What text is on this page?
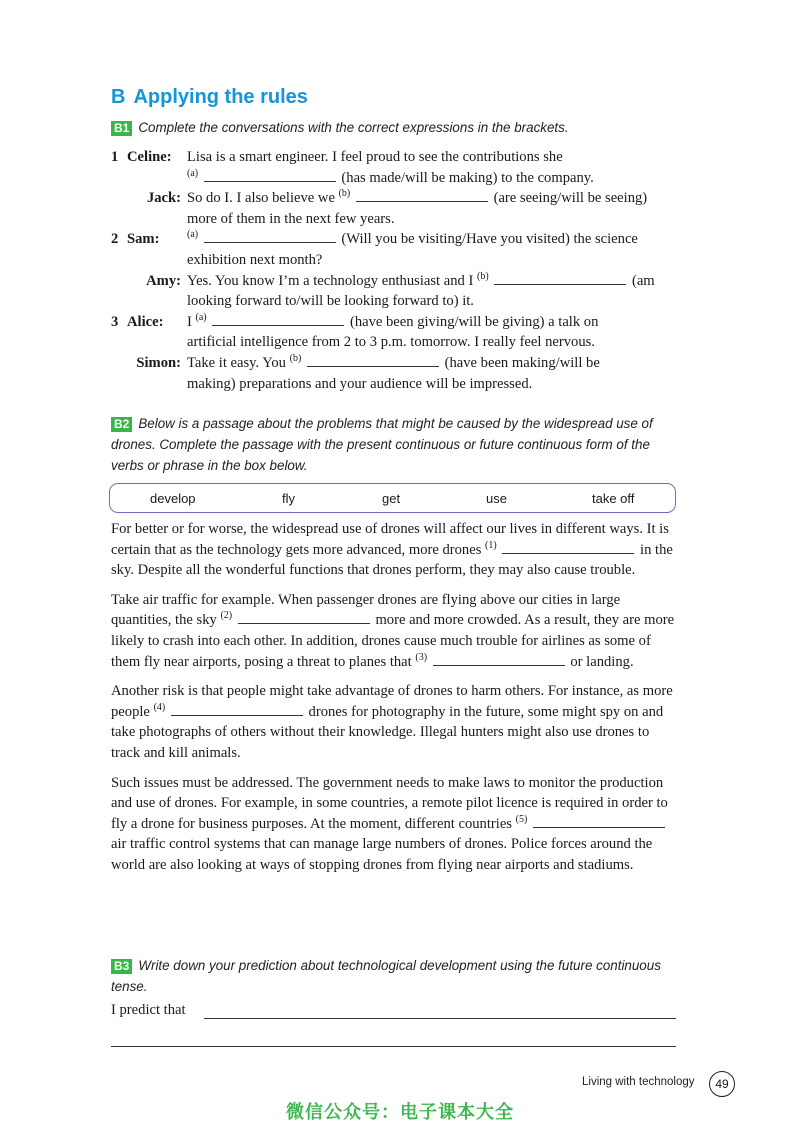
B Applying the rules
B1 Complete the conversations with the correct expressions in the brackets.
1 Celine: Lisa is a smart engineer. I feel proud to see the contributions she
$^{(a)}$	(has made/will be making) to the company.
Jack: So do I. I also believe we $^{(b)}$	(are seeing/will be seeing)
more of them in the next few years.
2 Sam:	$^{(a)}$	(Will you be visiting/Have you visited) the science
exhibition next month?
Amy: Yes. You know I’m a technology enthusiast and I $^{(b)}$	(am
looking forward to/will be looking forward to) it.
3 Alice: I $^{(a)}$	(have been giving/will be giving) a talk on
artificial intelligence from 2 to 3 p.m. tomorrow. I really feel nervous.
Simon: Take it easy. You $^{(b)}$	(have been making/will be
making) preparations and your audience will be impressed.
B2 Below is a passage about the problems that might be caused by the widespread use of drones. Complete the passage with the present continuous or future continuous form of the verbs or phrase in the box below.
develop	fly	get	use	take off

For better or for worse, the widespread use of drones will affect our lives in different ways. It is certain that as the technology gets more advanced, more drones $^{(1)}$	in the sky. Despite all the wonderful functions that drones perform, they may also cause trouble.

Take air traffic for example. When passenger drones are flying above our cities in large quantities, the sky $^{(2)}$	more and more crowded. As a result, they are more likely to crash into each other. In addition, drones cause much trouble for airlines as some of them fly near airports, posing a threat to planes that $^{(3)}$	or landing.

Another risk is that people might take advantage of drones to harm others. For instance, as more people $^{(4)}$	drones for photography in the future, some might spy on and take photographs of others without their knowledge. Illegal hunters might also use drones to track and kill animals.

Such issues must be addressed. The government needs to make laws to monitor the production and use of drones. For example, in some countries, a remote pilot licence is required in order to fly a drone for business purposes. At the moment, different countries $^{(5)}$  air traffic control systems that can manage large numbers of drones. Police forces around the world are also looking at ways of stopping drones from flying near airports and stadiums.

B3 Write down your prediction about technological development using the future continuous tense.
I predict that
Living with technology	49
微信公众号：电子课本大全
